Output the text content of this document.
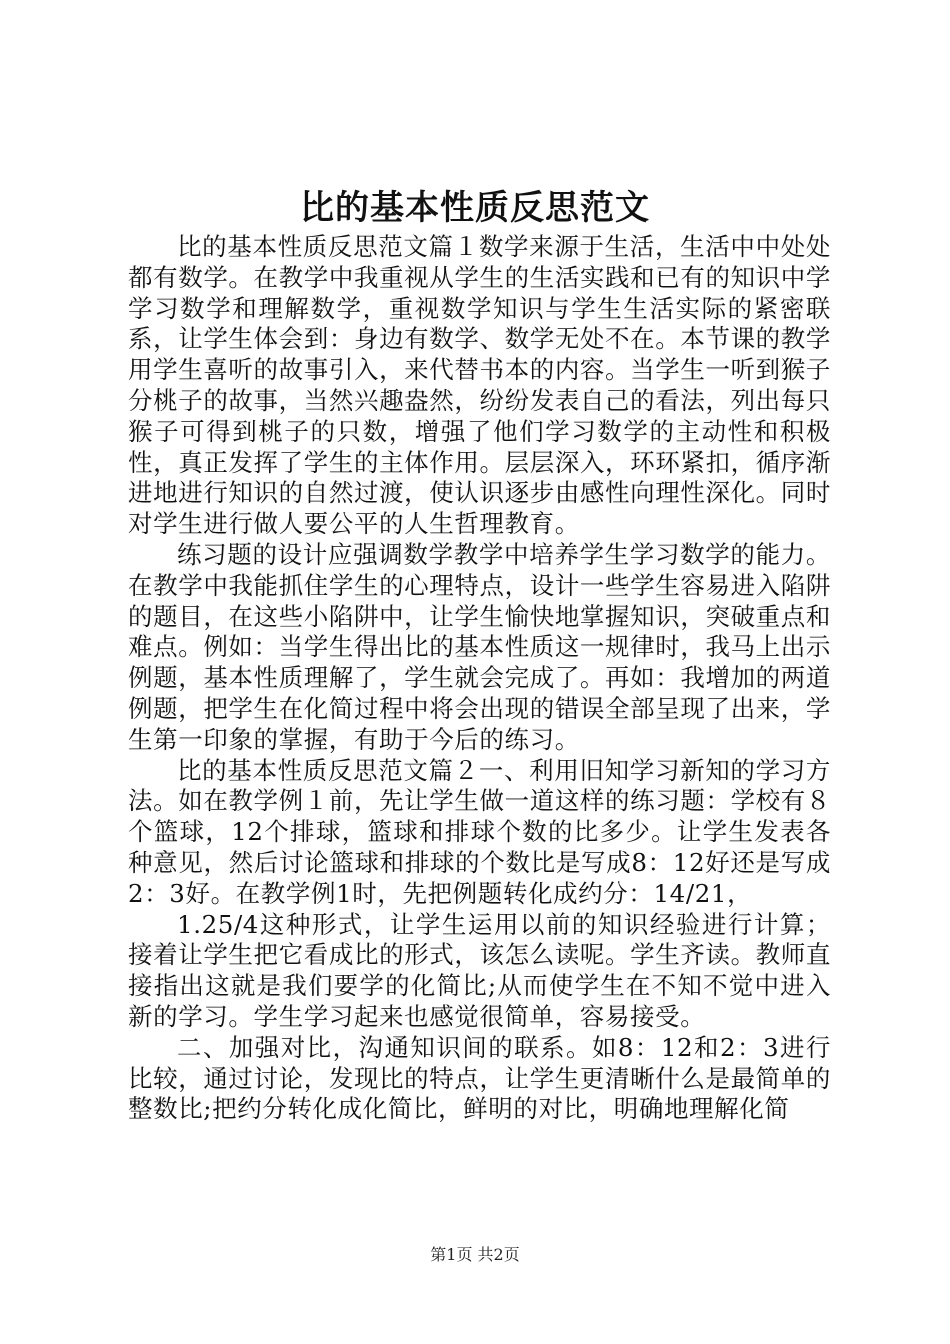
比的基本性质反思范文

比的基本性质反思范文篇１数学来源于生活，生活中中处处都有数学。在教学中我重视从学生的生活实践和已有的知识中学学习数学和理解数学，重视数学知识与学生生活实际的紧密联系，让学生体会到：身边有数学、数学无处不在。本节课的教学用学生喜听的故事引入，来代替书本的内容。当学生一听到猴子分桃子的故事，当然兴趣盎然，纷纷发表自己的看法，列出每只猴子可得到桃子的只数，增强了他们学习数学的主动性和积极性，真正发挥了学生的主体作用。层层深入，环环紧扣，循序渐进地进行知识的自然过渡，使认识逐步由感性向理性深化。同时对学生进行做人要公平的人生哲理教育。

练习题的设计应强调数学教学中培养学生学习数学的能力。在教学中我能抓住学生的心理特点，设计一些学生容易进入陷阱的题目，在这些小陷阱中，让学生愉快地掌握知识，突破重点和难点。例如：当学生得出比的基本性质这一规律时，我马上出示例题，基本性质理解了，学生就会完成了。再如：我增加的两道例题，把学生在化简过程中将会出现的错误全部呈现了出来，学生第一印象的掌握，有助于今后的练习。

比的基本性质反思范文篇２一、利用旧知学习新知的学习方法。如在教学例１前，先让学生做一道这样的练习题：学校有８个篮球，12个排球，篮球和排球个数的比多少。让学生发表各种意见，然后讨论篮球和排球的个数比是写成8：12好还是写成2：3好。在教学例1时，先把例题转化成约分：14/21，

1.25/4这种形式，让学生运用以前的知识经验进行计算；接着让学生把它看成比的形式，该怎么读呢。学生齐读。教师直接指出这就是我们要学的化简比;从而使学生在不知不觉中进入新的学习。学生学习起来也感觉很简单，容易接受。

二、加强对比，沟通知识间的联系。如8：12和2：3进行比较，通过讨论，发现比的特点，让学生更清晰什么是最简单的整数比;把约分转化成化简比，鲜明的对比，明确地理解化简

第1页 共2页
